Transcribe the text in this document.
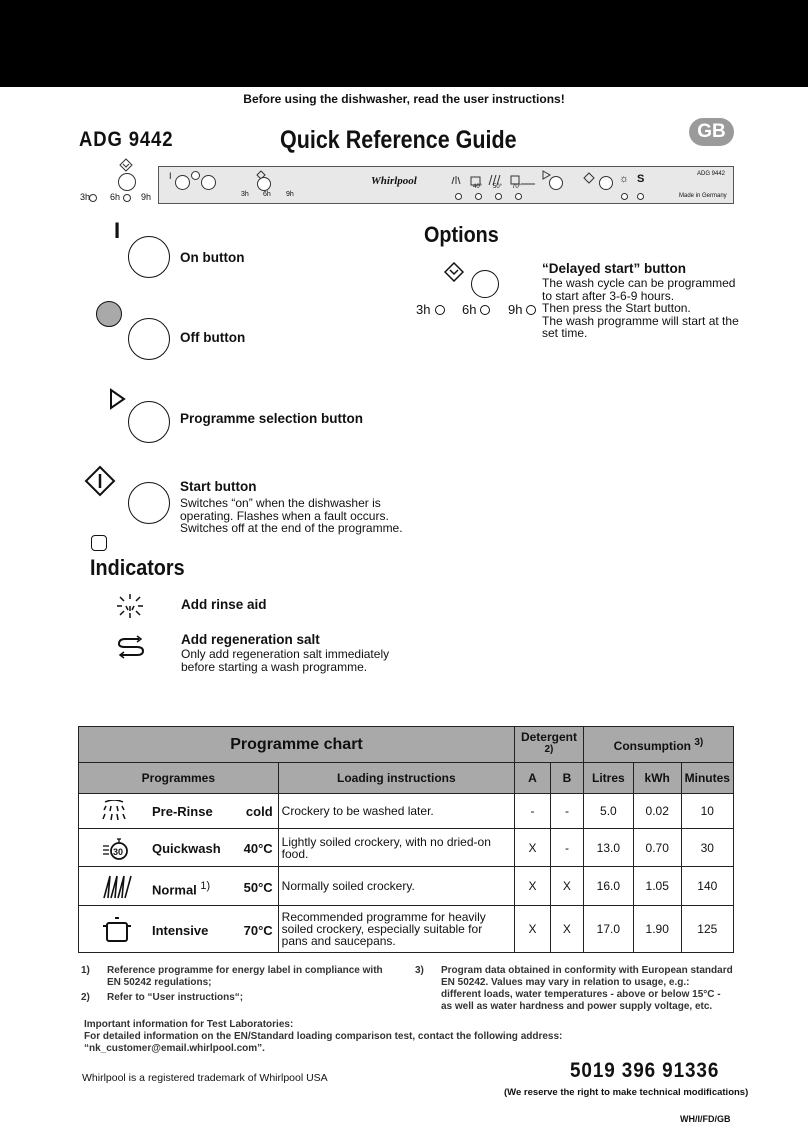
Before using the dishwasher, read the user instructions!
ADG 9442	Quick Reference Guide	GB
3h 6h 9h
I
3h 6h 9h
Whirlpool	40° 50° 70°
☼ S	ADG 9442
Made in Germany
I
On button
Off button
Programme selection button
Start button
Switches “on” when the dishwasher is
operating. Flashes when a fault occurs.
Switches off at the end of the programme.
Options
3h 6h 9h
“Delayed start” button
The wash cycle can be programmed
to start after 3-6-9 hours.
Then press the Start button.
The wash programme will start at the
set time.
Indicators
Add rinse aid
Add regeneration salt
Only add regeneration salt immediately
before starting a wash programme.
Programme chart		Detergent $^{2)}$		Consumption $^{3)}$
Programmes	Loading instructions	A	B	Litres	kWh	Minutes

Pre-Rinse cold	Crockery to be washed later.	-	-	5.0	0.02	10

30 Quickwash 40°C	Lightly soiled crockery, with no dried-on food.	X	-	13.0	0.70	30

Normal $^{1)}$ 50°C	Normally soiled crockery.	X	X	16.0	1.05	140

Intensive 70°C	Recommended programme for heavily soiled crockery, especially suitable for pans and saucepans.	X	X	17.0	1.90	125
1) Reference programme for energy label in compliance with
EN 50242 regulations;
2) Refer to “User instructions“;
3) Program data obtained in conformity with European standard
EN 50242. Values may vary in relation to usage, e.g.:
different loads, water temperatures - above or below 15°C -
as well as water hardness and power supply voltage, etc.
Important information for Test Laboratories:
For detailed information on the EN/Standard loading comparison test, contact the following address:
“nk_customer@email.whirlpool.com”.
Whirlpool is a registered trademark of Whirlpool USA	5019 396 91336
(We reserve the right to make technical modifications)
WH/I/FD/GB
